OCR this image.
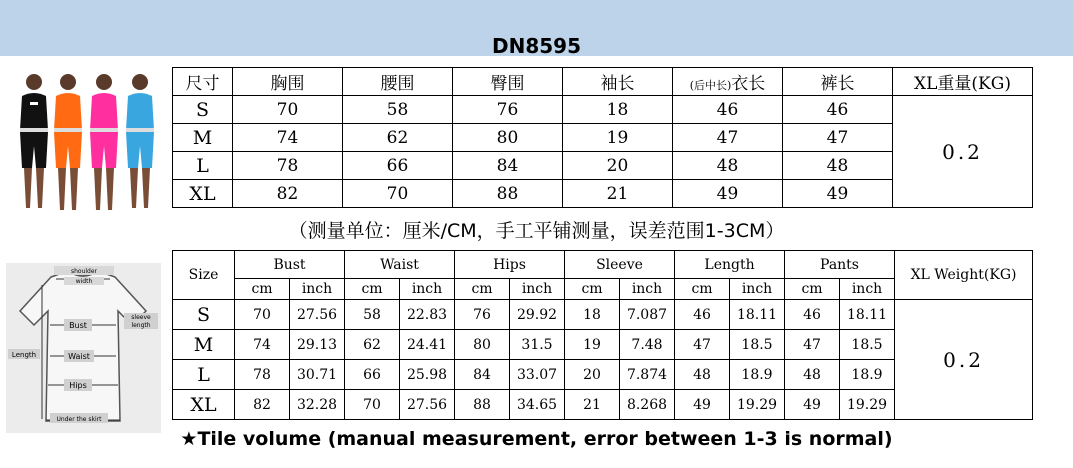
DN8595
尺寸	胸围	腰围	臀围	袖长	(后中长)衣长	裤长	XL重量(KG)
S	70	58	76	18	46	46	0.2
M	74	62	80	19	47	47	
L	78	66	84	20	48	48	
XL	82	70	88	21	49	49	
（测量单位：厘米/CM，手工平铺测量，误差范围1-3CM）
shoulder
width
Bust
sleeve
length
Length	Waist
Hips
Under the skirt
Size	Bust		Waist		Hips		Sleeve		Length		Pants		XL Weight(KG)
	cm	inch	cm	inch	cm	inch	cm	inch	cm	inch	cm	inch	
S	70	27.56	58	22.83	76	29.92	18	7.087	46	18.11	46	18.11	0.2
M	74	29.13	62	24.41	80	31.5	19	7.48	47	18.5	47	18.5	
L	78	30.71	66	25.98	84	33.07	20	7.874	48	18.9	48	18.9	
XL	82	32.28	70	27.56	88	34.65	21	8.268	49	19.29	49	19.29	
★Tile volume (manual measurement, error between 1-3 is normal)
